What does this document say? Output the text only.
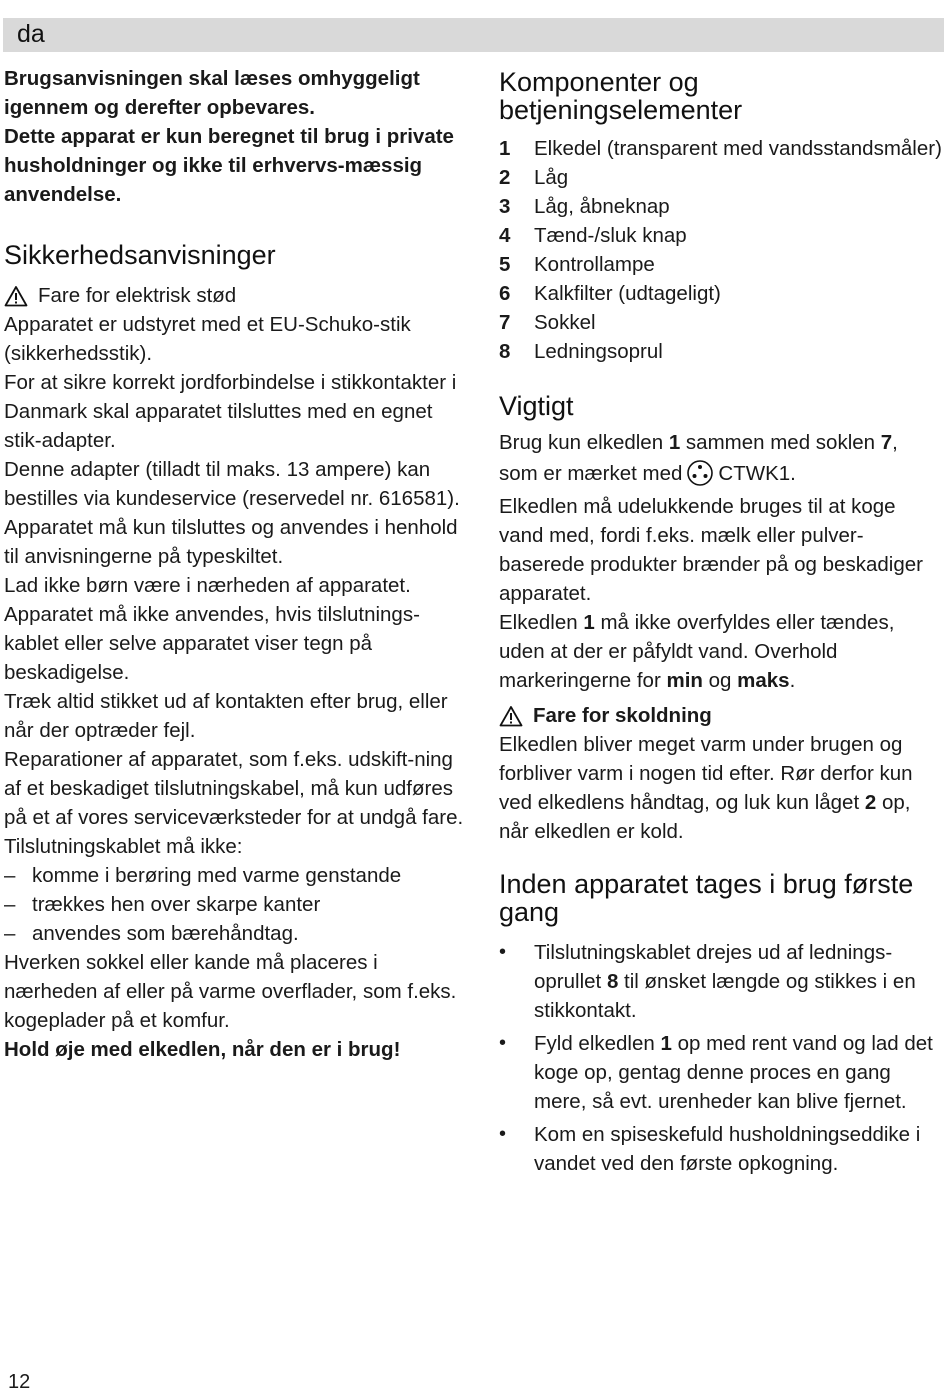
da

Brugsanvisningen skal læses omhyggeligt igennem og derefter opbevares.

Dette apparat er kun beregnet til brug i private husholdninger og ikke til erhvervs-mæssig anvendelse.

Sikkerhedsanvisninger
Fare for elektrisk stød

Apparatet er udstyret med et EU-Schuko-stik (sikkerhedsstik).

For at sikre korrekt jordforbindelse i stikkontakter i Danmark skal apparatet tilsluttes med en egnet stik-adapter.

Denne adapter (tilladt til maks. 13 ampere) kan bestilles via kundeservice (reservedel nr. 616581).

Apparatet må kun tilsluttes og anvendes i henhold til anvisningerne på typeskiltet.

Lad ikke børn være i nærheden af apparatet.

Apparatet må ikke anvendes, hvis tilslutnings-kablet eller selve apparatet viser tegn på beskadigelse.

Træk altid stikket ud af kontakten efter brug, eller når der optræder fejl.

Reparationer af apparatet, som f.eks. udskift-ning af et beskadiget tilslutningskabel, må kun udføres på et af vores serviceværksteder for at undgå fare.

Tilslutningskablet må ikke:

– komme i berøring med varme genstande
– trækkes hen over skarpe kanter
– anvendes som bærehåndtag.

Hverken sokkel eller kande må placeres i nærheden af eller på varme overflader, som f.eks. kogeplader på et komfur.

Hold øje med elkedlen, når den er i brug!

Komponenter og betjeningselementer
1	Elkedel (transparent med vandsstandsmåler)
2	Låg
3	Låg, åbneknap
4	Tænd-/sluk knap
5	Kontrollampe
6	Kalkfilter (udtageligt)
7	Sokkel
8	Ledningsoprul
Vigtigt

Brug kun elkedlen 1 sammen med soklen 7,

som er mærket med CTWK1.

Elkedlen må udelukkende bruges til at koge vand med, fordi f.eks. mælk eller pulver-baserede produkter brænder på og beskadiger apparatet.

Elkedlen 1 må ikke overfyldes eller tændes, uden at der er påfyldt vand. Overhold markeringerne for min og maks.

Fare for skoldning

Elkedlen bliver meget varm under brugen og forbliver varm i nogen tid efter. Rør derfor kun ved elkedlens håndtag, og luk kun låget 2 op, når elkedlen er kold.

Inden apparatet tages i brug første gang
•	Tilslutningskablet drejes ud af lednings-oprullet 8 til ønsket længde og stikkes i en stikkontakt.
•	Fyld elkedlen 1 op med rent vand og lad det koge op, gentag denne proces en gang mere, så evt. urenheder kan blive fjernet.
•	Kom en spiseskefuld husholdningseddike i vandet ved den første opkogning.
12
